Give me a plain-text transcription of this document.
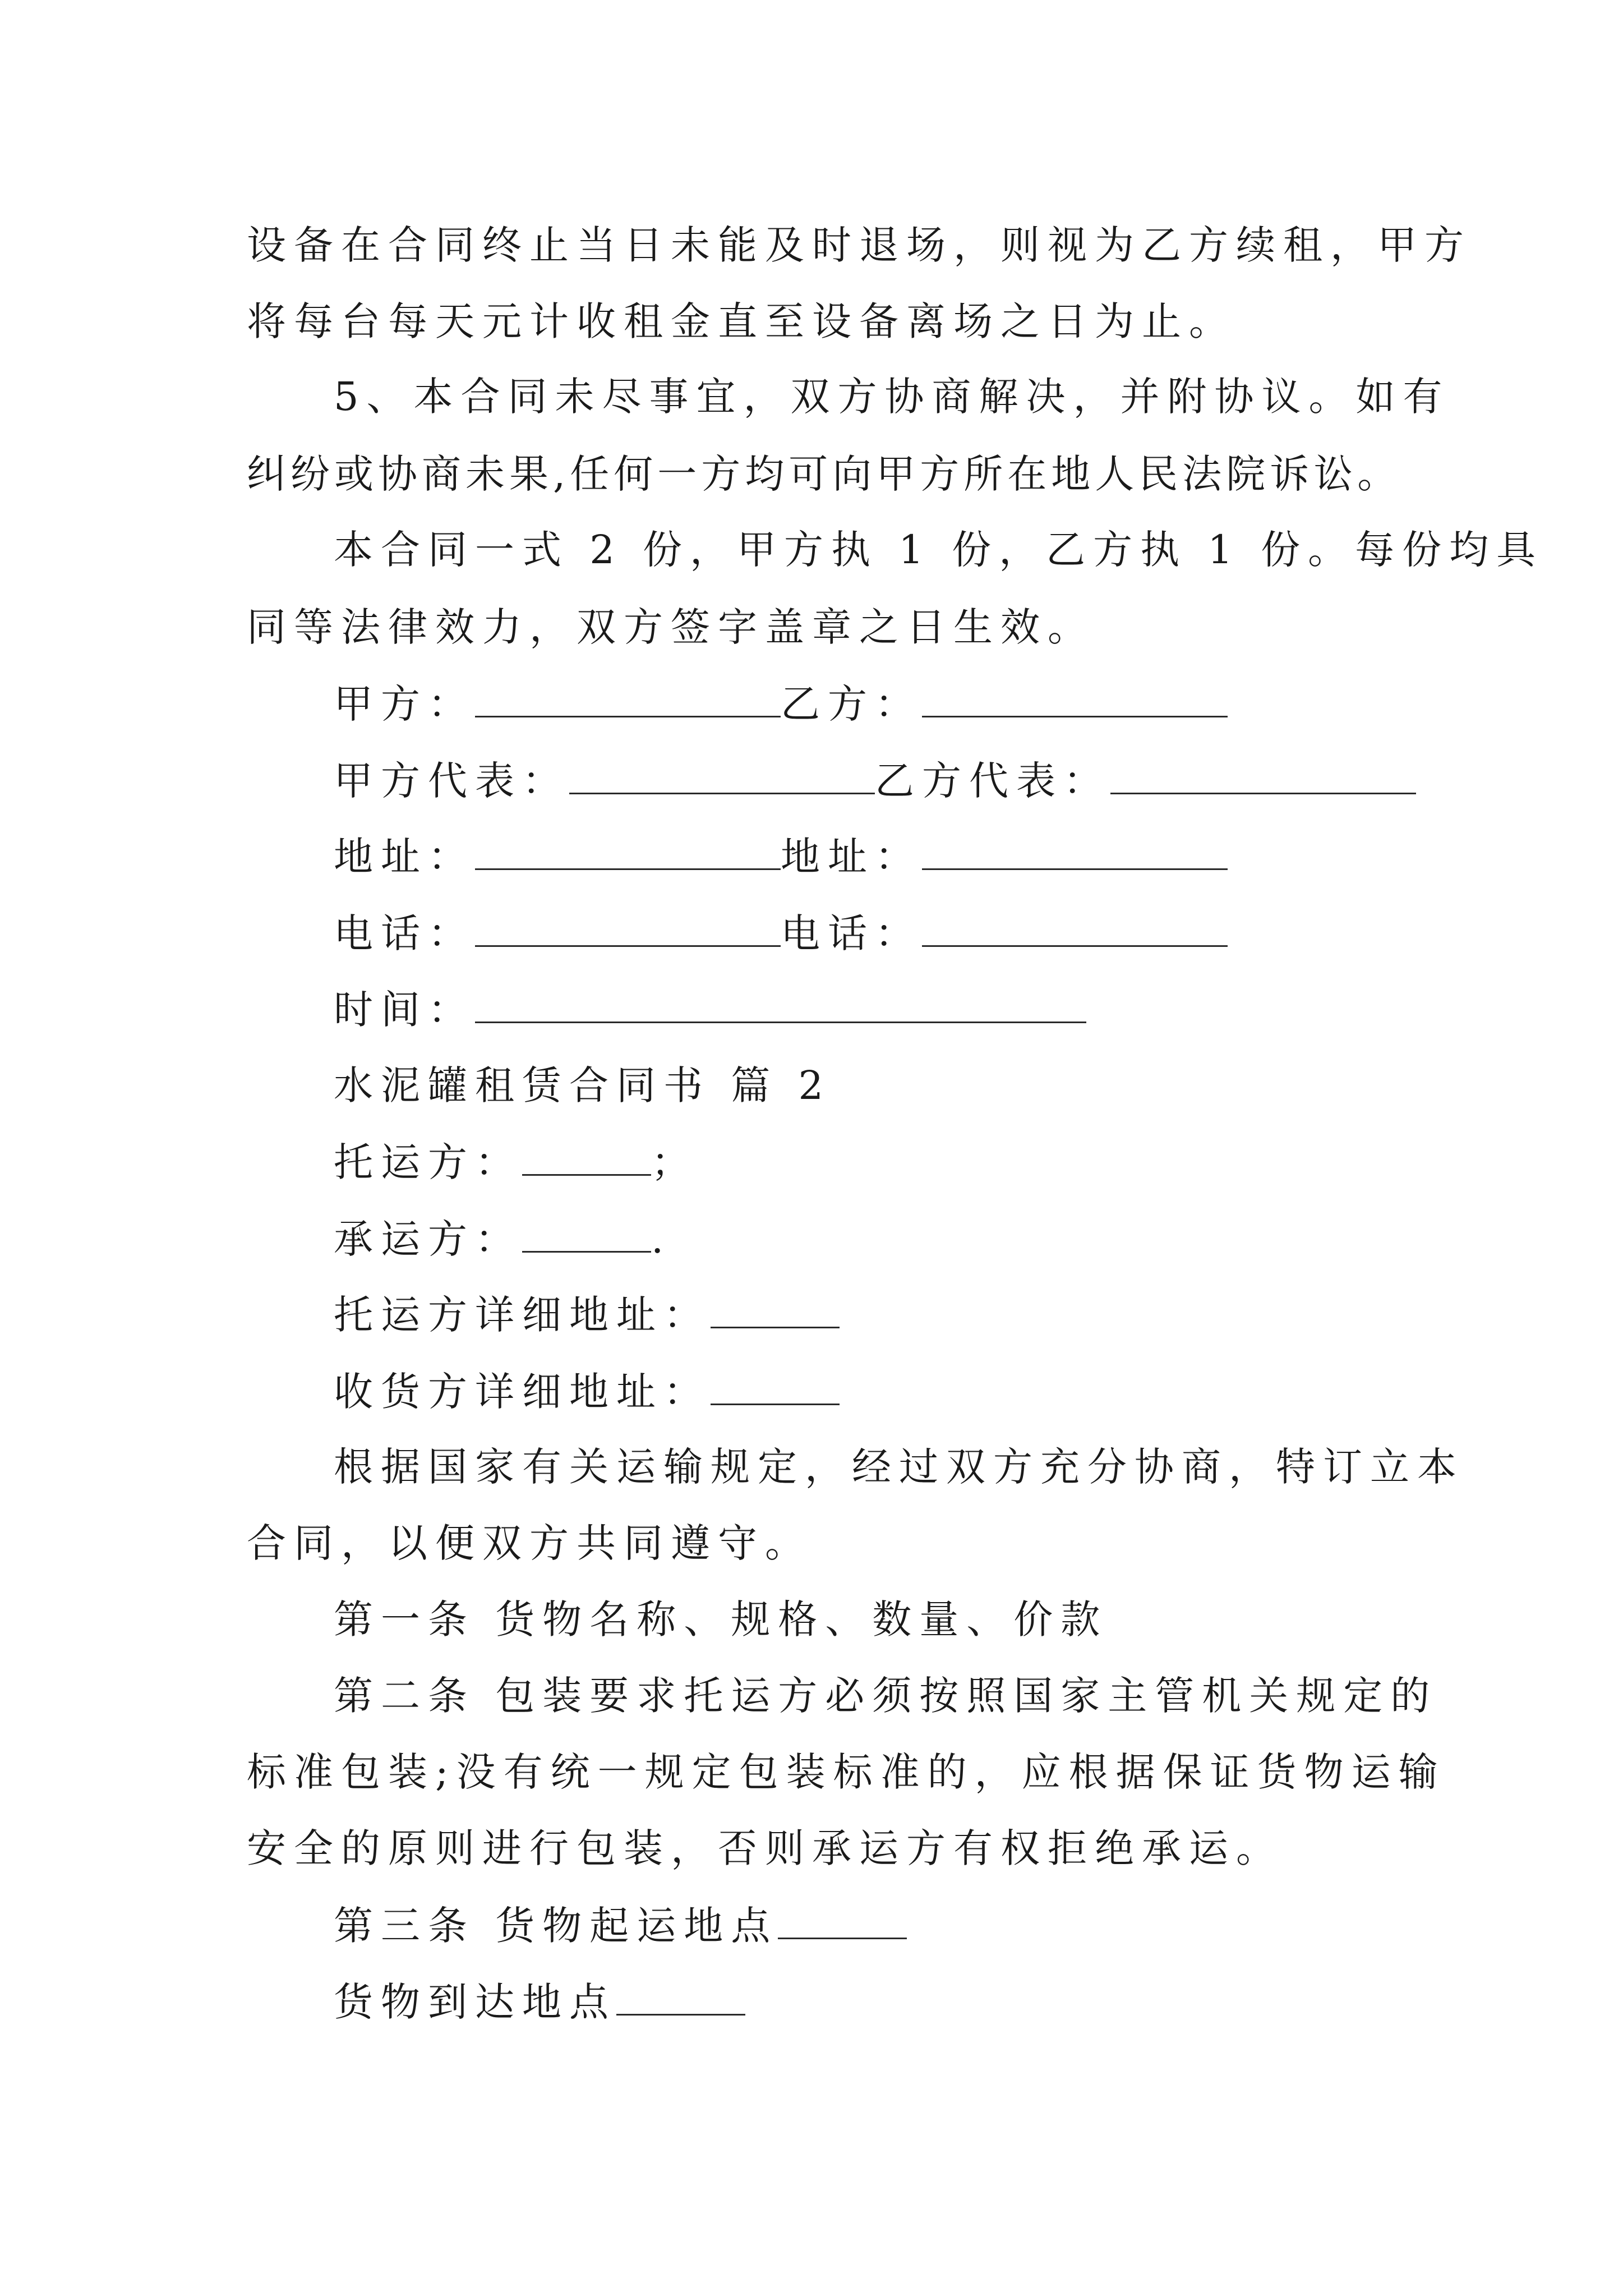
设备在合同终止当日未能及时退场，则视为乙方续租，甲方
将每台每天元计收租金直至设备离场之日为止。
5、本合同未尽事宜，双方协商解决，并附协议。如有
纠纷或协商未果,任何一方均可向甲方所在地人民法院诉讼。
本合同一式 2 份，甲方执 1 份，乙方执 1 份。每份均具
同等法律效力，双方签字盖章之日生效。
甲方：	乙方：
甲方代表：	乙方代表：
地址：	地址：
电话：	电话：
时间：
水泥罐租赁合同书 篇 2
托运方：	；
承运方：	.
托运方详细地址：
收货方详细地址：
根据国家有关运输规定，经过双方充分协商，特订立本
合同，以便双方共同遵守。
第一条 货物名称、规格、数量、价款
第二条 包装要求托运方必须按照国家主管机关规定的
标准包装;没有统一规定包装标准的，应根据保证货物运输
安全的原则进行包装，否则承运方有权拒绝承运。
第三条 货物起运地点
货物到达地点
